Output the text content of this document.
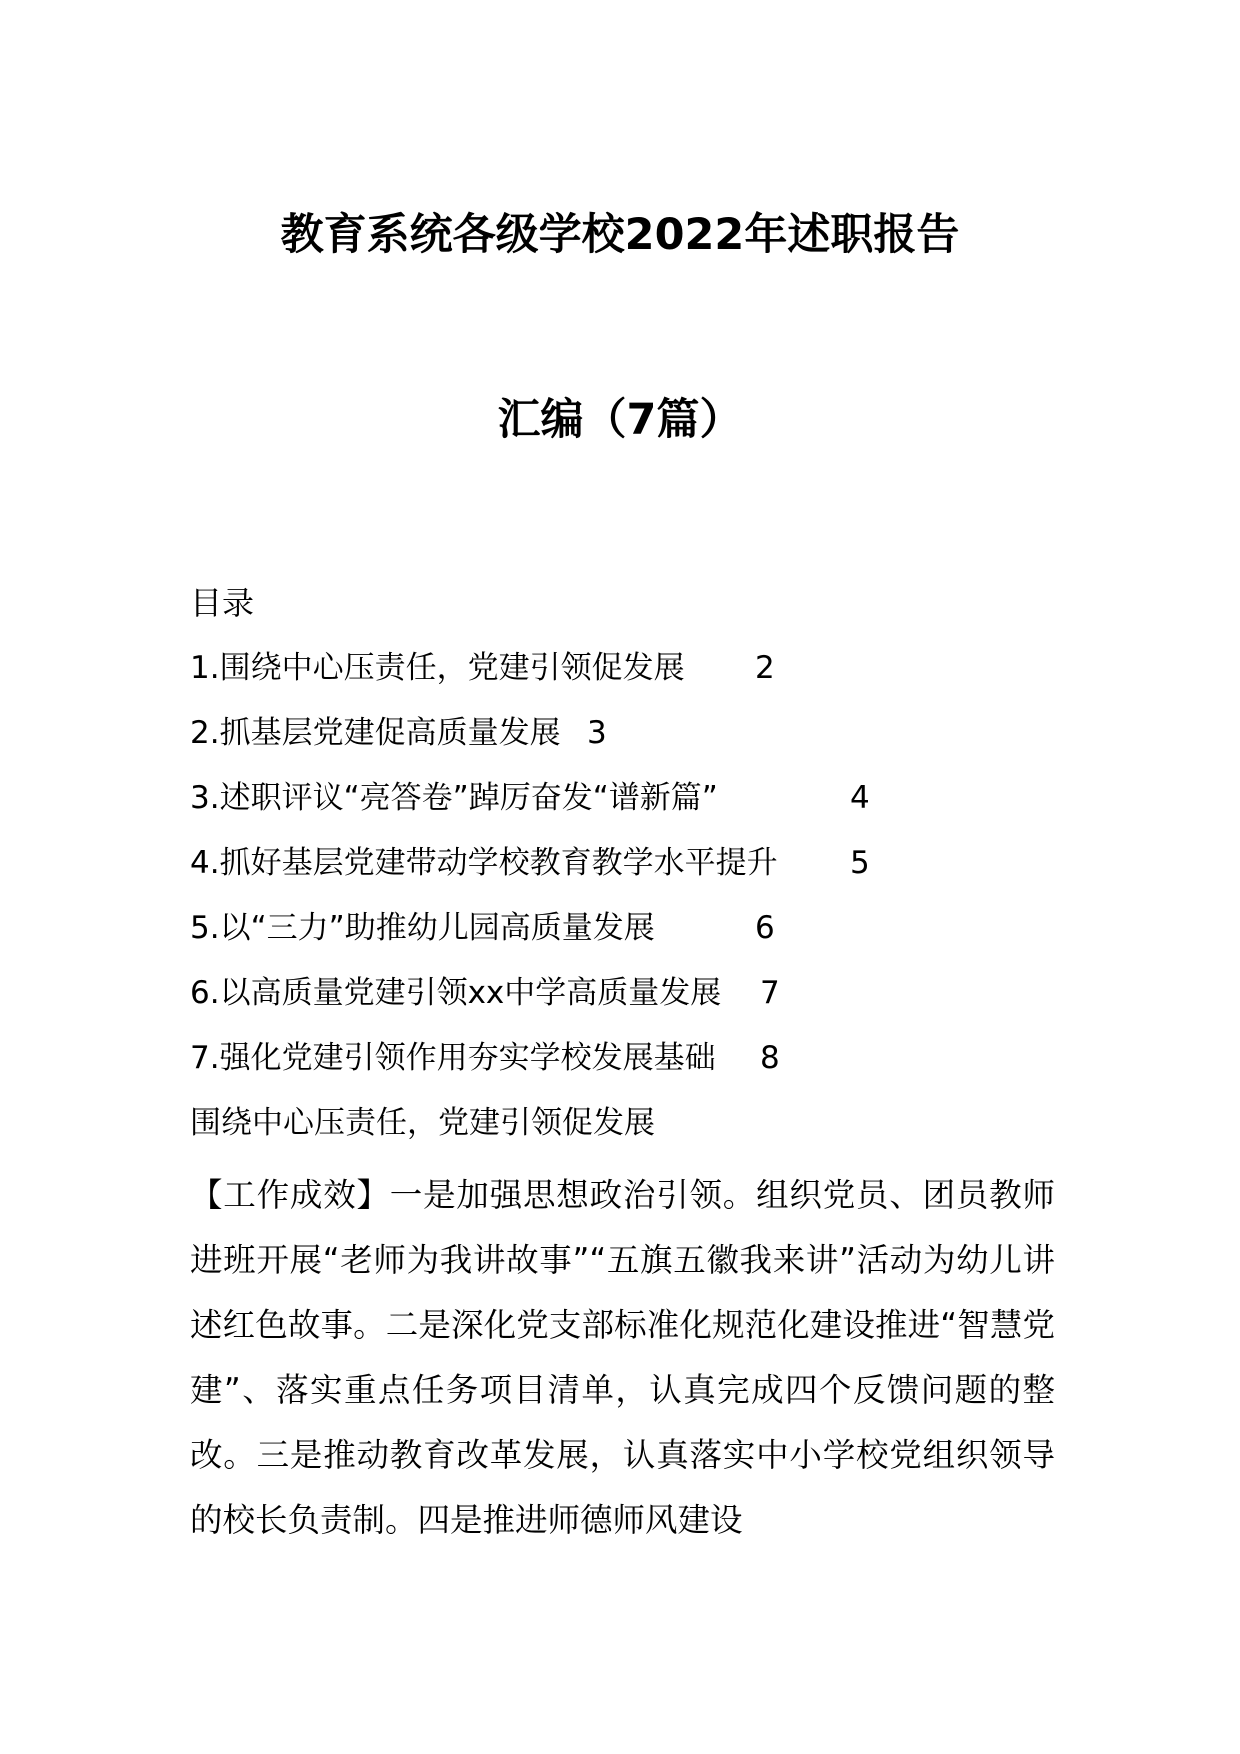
教育系统各级学校2022年述职报告
汇编（7篇）
目录
1.围绕中心压责任，党建引领促发展 2
2.抓基层党建促高质量发展 3
3.述职评议“亮答卷”踔厉奋发“谱新篇”	4
4.抓好基层党建带动学校教育教学水平提升 5
5.以“三力”助推幼儿园高质量发展	6
6.以高质量党建引领xx中学高质量发展 7
7.强化党建引领作用夯实学校发展基础 8
围绕中心压责任，党建引领促发展

【工作成效】一是加强思想政治引领。组织党员、团员教师进班开展“老师为我讲故事”“五旗五徽我来讲”活动为幼儿讲述红色故事。二是深化党支部标准化规范化建设推进“智慧党建”、落实重点任务项目清单，认真完成四个反馈问题的整改。三是推动教育改革发展，认真落实中小学校党组织领导的校长负责制。四是推进师德师风建设
